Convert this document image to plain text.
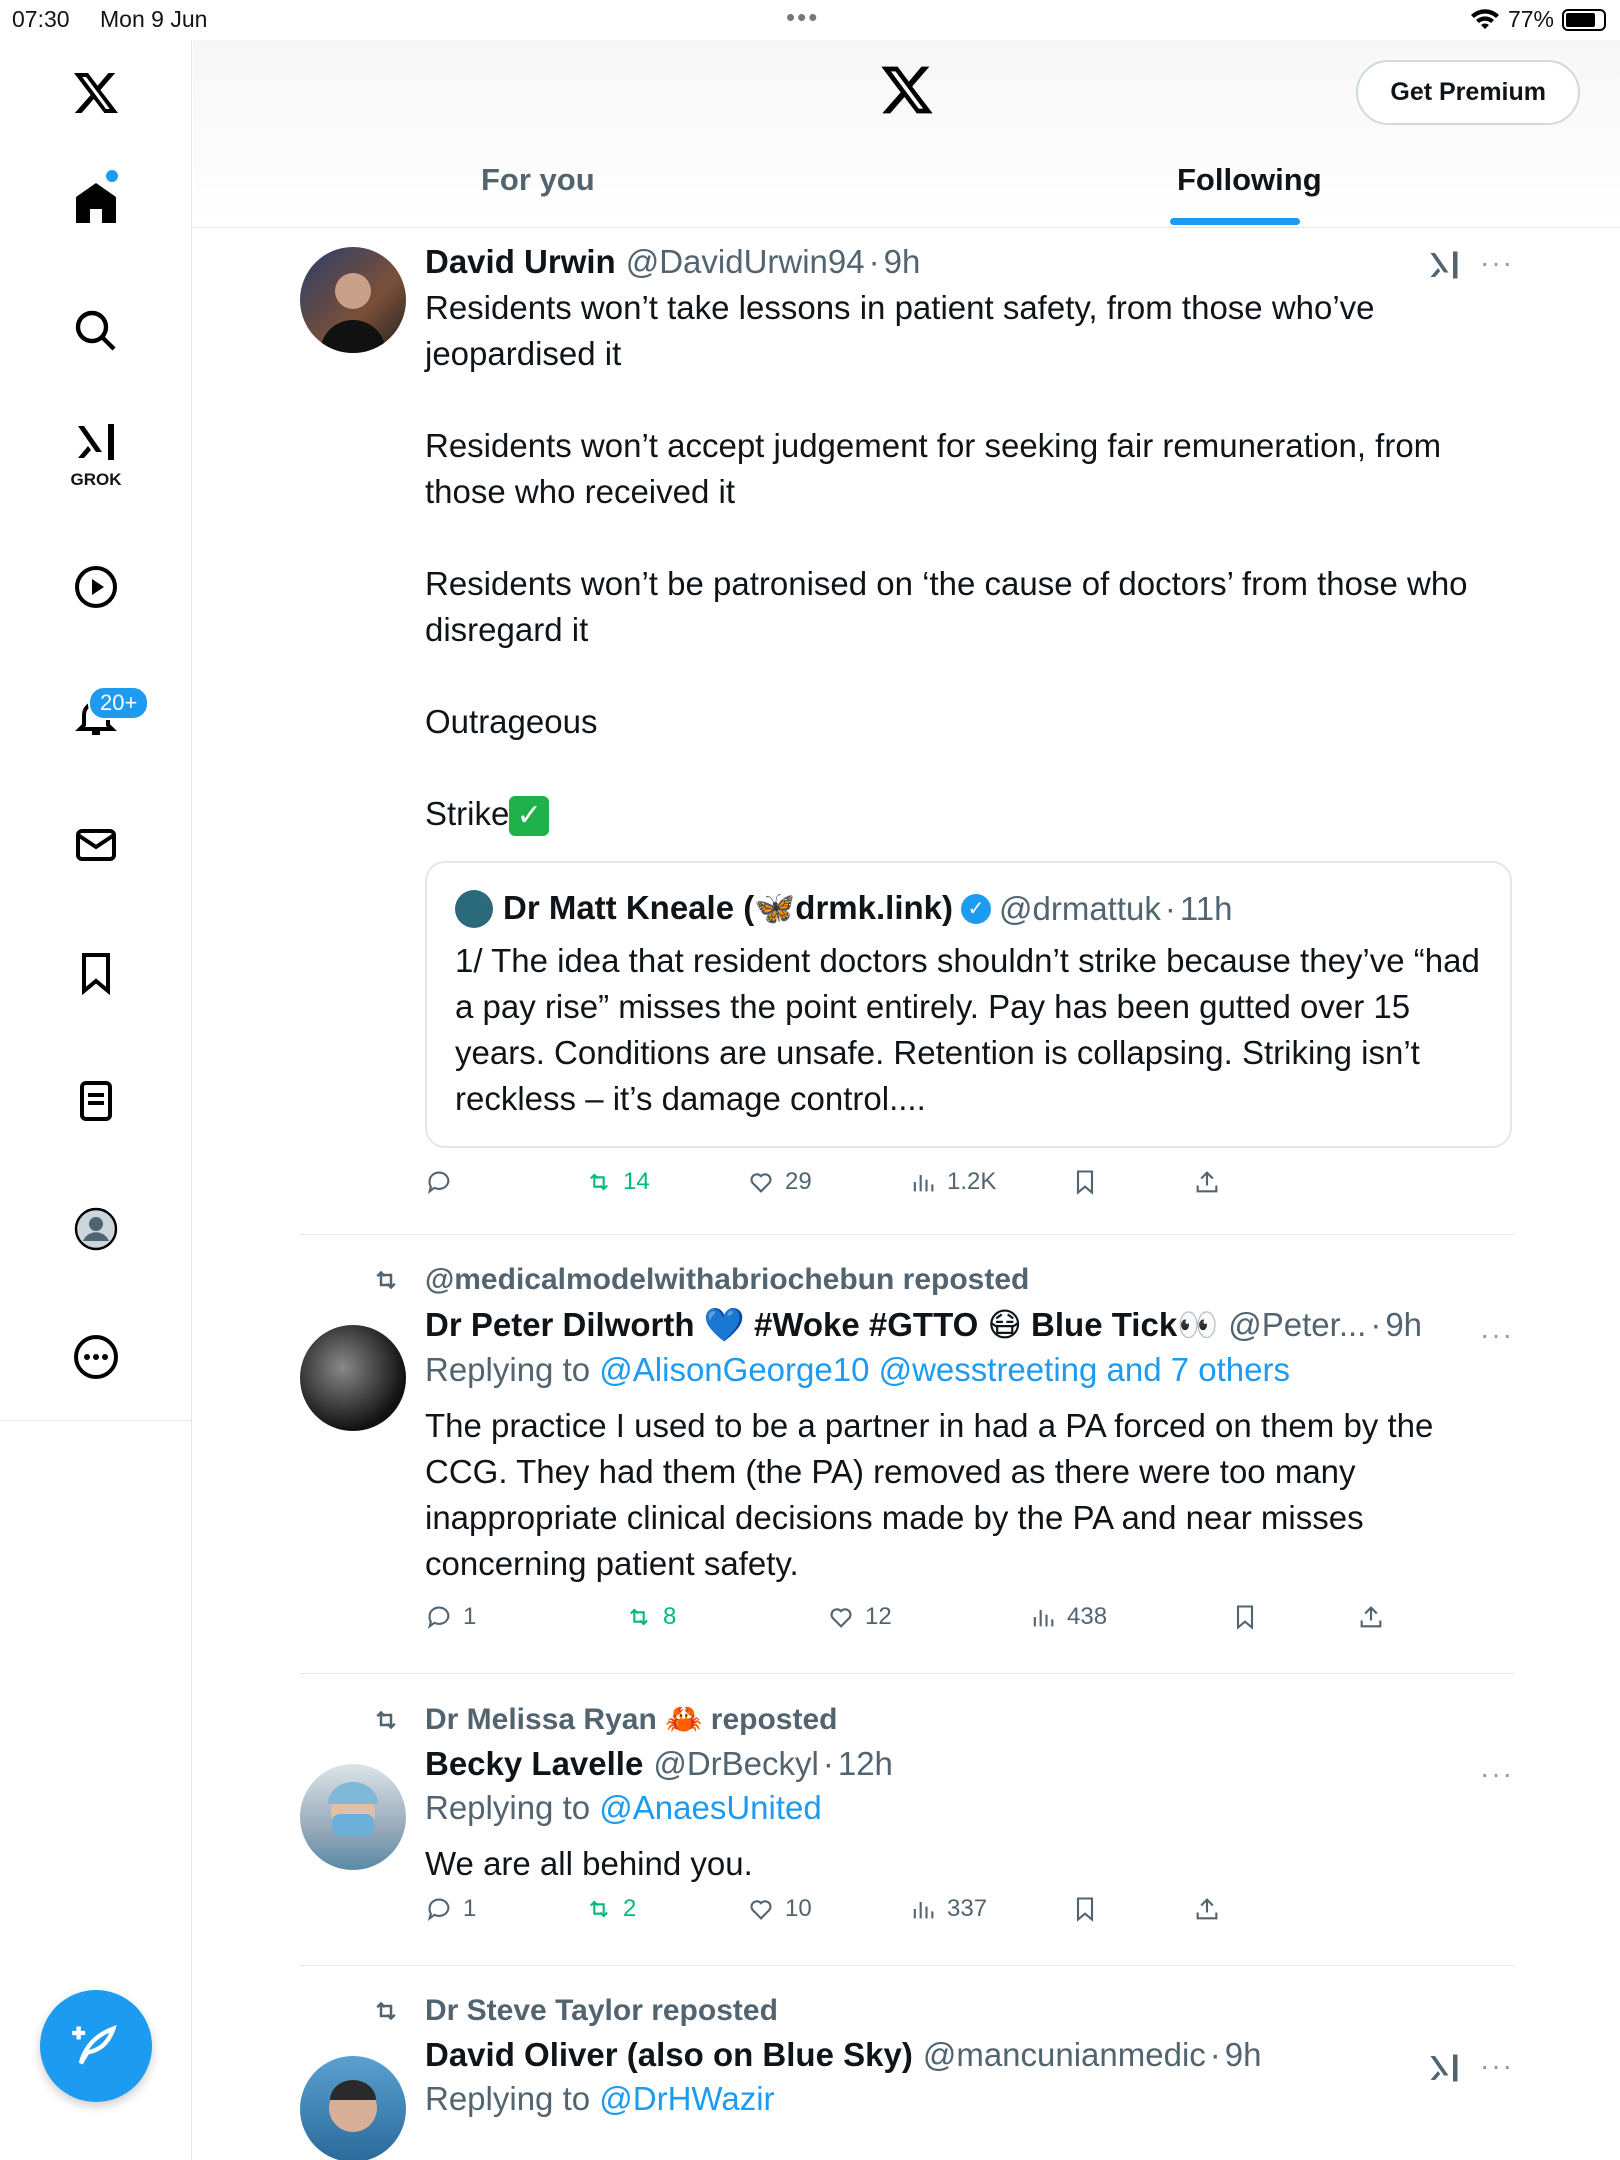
07:30 Mon 9 Jun	•••	77%
GROK
20+
Get Premium
For you	Following
···
David Urwin @DavidUrwin94 · 9h

Residents won’t take lessons in patient safety, from those who’ve jeopardised it

Residents won’t accept judgement for seeking fair remuneration, from those who received it

Residents won’t be patronised on ‘the cause of doctors’ from those who disregard it

Outrageous

Strike ✓

Dr Matt Kneale (🦋drmk.link) ✓ @drmattuk · 11h
1/ The idea that resident doctors shouldn’t strike because they’ve “had a pay rise” misses the point entirely. Pay has been gutted over 15 years. Conditions are unsafe. Retention is collapsing. Striking isn’t reckless – it’s damage control....
14	29	1.2K
@medicalmodelwithabriochebun reposted
···
Dr Peter Dilworth 💙 #Woke #GTTO 😷 Blue Tick👀 @Peter... · 9h
Replying to @AlisonGeorge10 @wesstreeting and 7 others
The practice I used to be a partner in had a PA forced on them by the CCG. They had them (the PA) removed as there were too many inappropriate clinical decisions made by the PA and near misses concerning patient safety.
1	8	12	438
Dr Melissa Ryan 🦀 reposted
···
Becky Lavelle @DrBeckyl · 12h
Replying to @AnaesUnited
We are all behind you.
1	2	10	337
Dr Steve Taylor reposted
···
David Oliver (also on Blue Sky) @mancunianmedic · 9h
Replying to @DrHWazir
